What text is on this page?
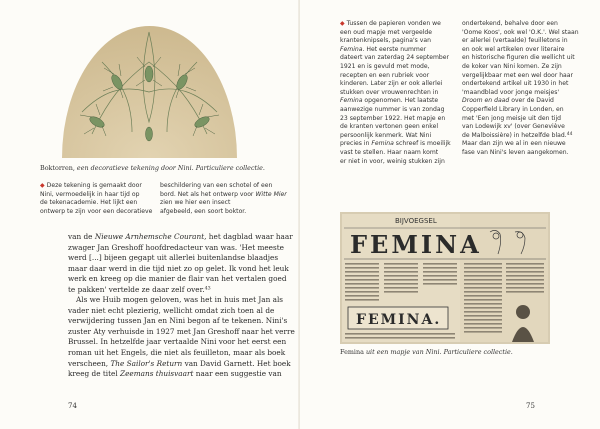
Boktorren, een decoratieve tekening door Nini. Particuliere collectie.

◆ Deze tekening is gemaakt door

Nini, vermoedelijk in haar tijd op

de tekenacademie. Het lijkt een

ontwerp te zijn voor een decoratieve

beschildering van een schotel of een

bord. Net als het ontwerp voor Witte Mier

zien we hier een insect

afgebeeld, een soort boktor.

van de Nieuwe Arnhemsche Courant, het dagblad waar haar

zwager Jan Greshoff hoofdredacteur van was. 'Het meeste

werd [...] bijeen gegapt uit allerlei buitenlandse blaadjes

maar daar werd in die tijd niet zo op gelet. Ik vond het leuk

werk en kreeg op die manier de flair van het vertalen goed

te pakken' vertelde ze daar zelf over.$^{43}$

Als we Huib mogen geloven, was het in huis met Jan als

vader niet echt plezierig, wellicht omdat zich toen al de

verwijdering tussen Jan en Nini begon af te tekenen. Nini's

zuster Aty verhuisde in 1927 met Jan Greshoff naar het verre

Brussel. In hetzelfde jaar vertaalde Nini voor het eerst een

roman uit het Engels, die niet als feuilleton, maar als boek

verscheen, The Sailor's Return van David Garnett. Het boek

kreeg de titel Zeemans thuisvaart naar een suggestie van

74

◆ Tussen de papieren vonden we

een oud mapje met vergeelde

krantenknipsels, pagina's van

Femina. Het eerste nummer

dateert van zaterdag 24 september

1921 en is gevuld met mode,

recepten en een rubriek voor

kinderen. Later zijn er ook allerlei

stukken over vrouwenrechten in

Femina opgenomen. Het laatste

aanwezige nummer is van zondag

23 september 1922. Het mapje en

de kranten vertonen geen enkel

persoonlijk kenmerk. Wat Nini

precies in Femina schreef is moeilijk

vast te stellen. Haar naam komt

er niet in voor, weinig stukken zijn

ondertekend, behalve door een

'Oome Koos', ook wel 'O.K.'. Wel staan

er allerlei (vertaalde) feuilletons in

en ook wel artikelen over literaire

en historische figuren die wellicht uit

de koker van Nini komen. Ze zijn

vergelijkbaar met een wel door haar

ondertekend artikel uit 1930 in het

'maandblad voor jonge meisjes'

Droom en daad over de David

Copperfield Library in Londen, en

met 'Een jong meisje uit den tijd

van Lodewijk xv' (over Geneviève

de Malboissière) in hetzelfde blad.$^{44}$

Maar dan zijn we al in een nieuwe

fase van Nini's leven aangekomen.

BIJVOEGSEL
FEMINA
FEMINA.
Femina uit een mapje van Nini. Particuliere collectie.
75
